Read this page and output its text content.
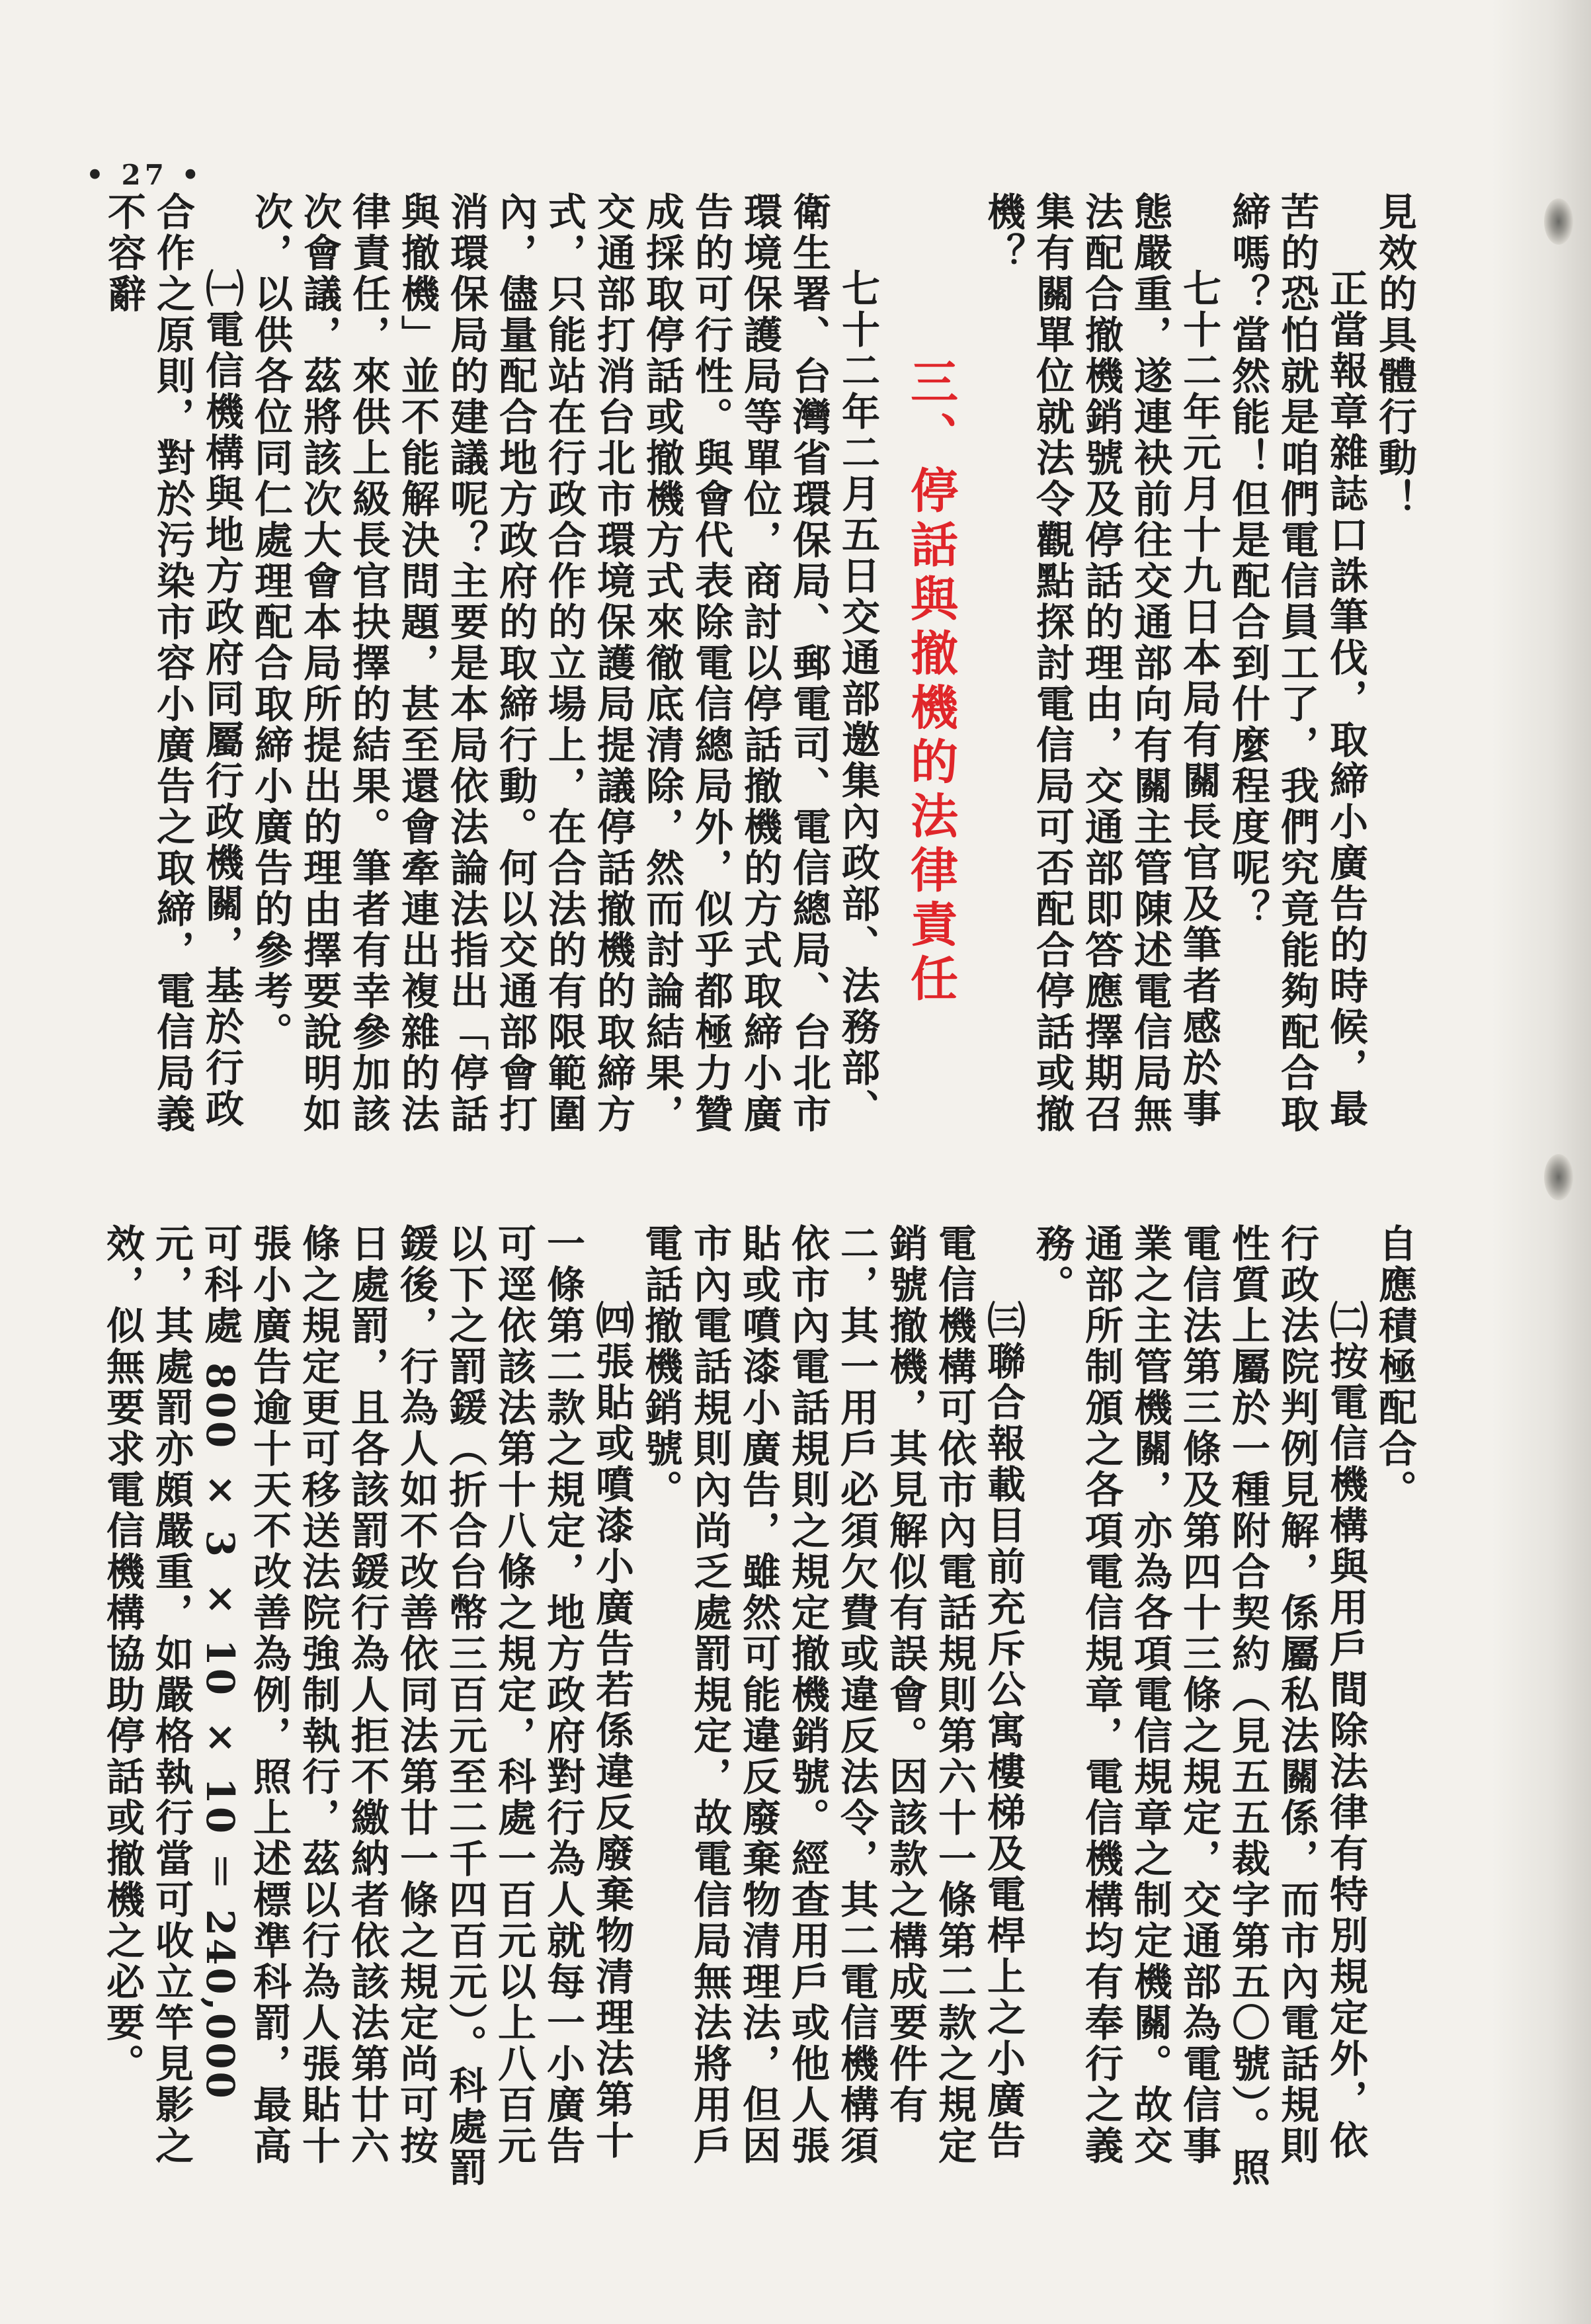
• 27 •

見效的具體行動！

正當報章雜誌口誅筆伐，取締小廣告的時候，最苦的恐怕就是咱們電信員工了，我們究竟能夠配合取締嗎？當然能！但是配合到什麼程度呢？

七十二年元月十九日本局有關長官及筆者感於事態嚴重，遂連袂前往交通部向有關主管陳述電信局無法配合撤機銷號及停話的理由，交通部即答應擇期召集有關單位就法令觀點探討電信局可否配合停話或撤機？

三、停話與撤機的法律責任

七十二年二月五日交通部邀集內政部、法務部、衛生署、台灣省環保局、郵電司、電信總局、台北市環境保護局等單位，商討以停話撤機的方式取締小廣告的可行性。與會代表除電信總局外，似乎都極力贊成採取停話或撤機方式來徹底清除，然而討論結果，交通部打消台北市環境保護局提議停話撤機的取締方式，只能站在行政合作的立場上，在合法的有限範圍內，儘量配合地方政府的取締行動。何以交通部會打消環保局的建議呢？主要是本局依法論法指出「停話與撤機」並不能解決問題，甚至還會牽連出複雜的法律責任，來供上級長官抉擇的結果。筆者有幸參加該次會議，茲將該次大會本局所提出的理由擇要說明如次，以供各位同仁處理配合取締小廣告的參考。

㈠電信機構與地方政府同屬行政機關，基於行政合作之原則，對於污染市容小廣告之取締，電信局義不容辭

自應積極配合。

㈡按電信機構與用戶間除法律有特別規定外，依行政法院判例見解，係屬私法關係，而市內電話規則性質上屬於一種附合契約（見五五裁字第五〇號）。照電信法第三條及第四十三條之規定，交通部為電信事業之主管機關，亦為各項電信規章之制定機關。故交通部所制頒之各項電信規章，電信機構均有奉行之義務。

㈢聯合報載目前充斥公寓樓梯及電桿上之小廣告電信機構可依市內電話規則第六十一條第二款之規定銷號撤機，其見解似有誤會。因該款之構成要件有二，其一用戶必須欠費或違反法令，其二電信機構須依市內電話規則之規定撤機銷號。經查用戶或他人張貼或噴漆小廣告，雖然可能違反廢棄物清理法，但因市內電話規則內尚乏處罰規定，故電信局無法將用戶電話撤機銷號。

㈣張貼或噴漆小廣告若係違反廢棄物清理法第十一條第二款之規定，地方政府對行為人就每一小廣告可逕依該法第十八條之規定，科處一百元以上八百元以下之罰鍰（折合台幣三百元至二千四百元）。科處罰鍰後，行為人如不改善依同法第廿一條之規定尚可按日處罰，且各該罰鍰行為人拒不繳納者依該法第廿六條之規定更可移送法院強制執行，茲以行為人張貼十張小廣告逾十天不改善為例，照上述標準科罰，最高可科處 800 × 3 × 10 × 10 ＝ 240,000 元，其處罰亦頗嚴重，如嚴格執行當可收立竿見影之效，似無要求電信機構協助停話或撤機之必要。
